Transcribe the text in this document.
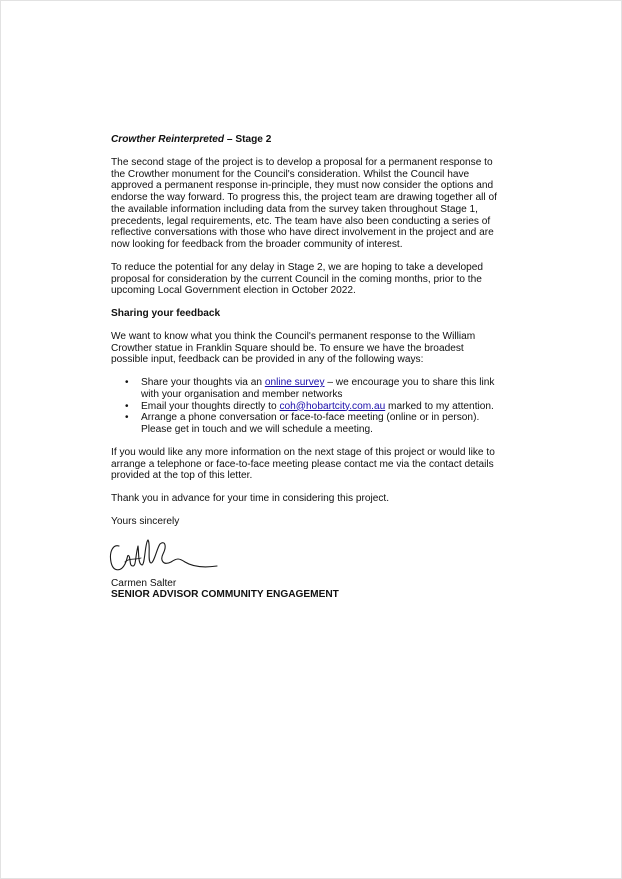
Crowther Reinterpreted – Stage 2

The second stage of the project is to develop a proposal for a permanent response to the Crowther monument for the Council's consideration. Whilst the Council have approved a permanent response in-principle, they must now consider the options and endorse the way forward. To progress this, the project team are drawing together all of the available information including data from the survey taken throughout Stage 1, precedents, legal requirements, etc. The team have also been conducting a series of reflective conversations with those who have direct involvement in the project and are now looking for feedback from the broader community of interest.

To reduce the potential for any delay in Stage 2, we are hoping to take a developed proposal for consideration by the current Council in the coming months, prior to the upcoming Local Government election in October 2022.

Sharing your feedback

We want to know what you think the Council's permanent response to the William Crowther statue in Franklin Square should be. To ensure we have the broadest possible input, feedback can be provided in any of the following ways:

• Share your thoughts via an online survey – we encourage you to share this link with your organisation and member networks
• Email your thoughts directly to coh@hobartcity.com.au marked to my attention.
• Arrange a phone conversation or face-to-face meeting (online or in person). Please get in touch and we will schedule a meeting.

If you would like any more information on the next stage of this project or would like to arrange a telephone or face-to-face meeting please contact me via the contact details provided at the top of this letter.

Thank you in advance for your time in considering this project.

Yours sincerely

Carmen Salter

SENIOR ADVISOR COMMUNITY ENGAGEMENT
